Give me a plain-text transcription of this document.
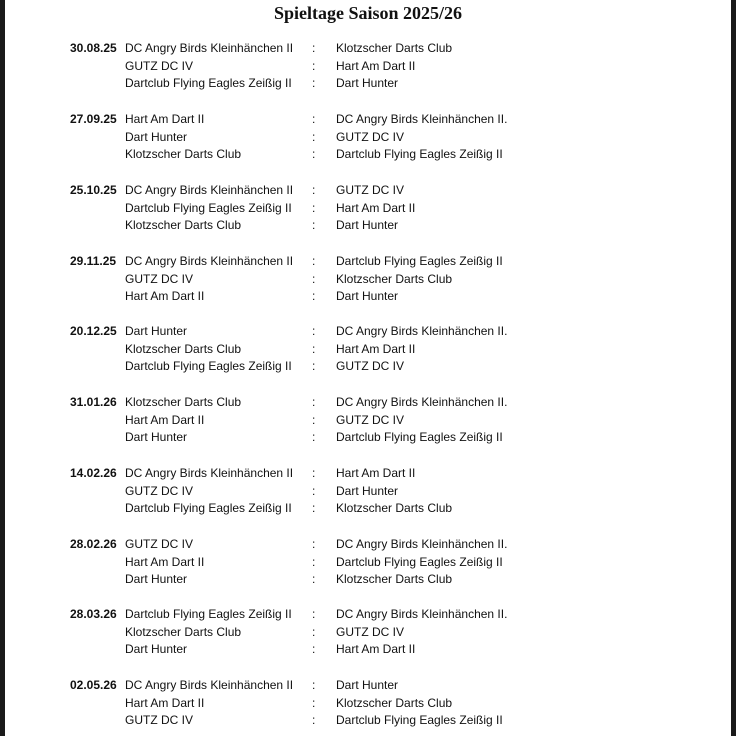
Spieltage Saison 2025/26
30.08.25 DC Angry Birds Kleinhänchen II : Klotzscher Darts Club
GUTZ DC IV	: Hart Am Dart II
Dartclub Flying Eagles Zeißig II : Dart Hunter
27.09.25 Hart Am Dart II	: DC Angry Birds Kleinhänchen II.
Dart Hunter	: GUTZ DC IV
Klotzscher Darts Club	: Dartclub Flying Eagles Zeißig II
25.10.25 DC Angry Birds Kleinhänchen II : GUTZ DC IV
Dartclub Flying Eagles Zeißig II : Hart Am Dart II
Klotzscher Darts Club	: Dart Hunter
29.11.25 DC Angry Birds Kleinhänchen II : Dartclub Flying Eagles Zeißig II
GUTZ DC IV	: Klotzscher Darts Club
Hart Am Dart II	: Dart Hunter
20.12.25 Dart Hunter	: DC Angry Birds Kleinhänchen II.
Klotzscher Darts Club	: Hart Am Dart II
Dartclub Flying Eagles Zeißig II : GUTZ DC IV
31.01.26 Klotzscher Darts Club	: DC Angry Birds Kleinhänchen II.
Hart Am Dart II	: GUTZ DC IV
Dart Hunter	: Dartclub Flying Eagles Zeißig II
14.02.26 DC Angry Birds Kleinhänchen II : Hart Am Dart II
GUTZ DC IV	: Dart Hunter
Dartclub Flying Eagles Zeißig II : Klotzscher Darts Club
28.02.26 GUTZ DC IV	: DC Angry Birds Kleinhänchen II.
Hart Am Dart II	: Dartclub Flying Eagles Zeißig II
Dart Hunter	: Klotzscher Darts Club
28.03.26 Dartclub Flying Eagles Zeißig II : DC Angry Birds Kleinhänchen II.
Klotzscher Darts Club	: GUTZ DC IV
Dart Hunter	: Hart Am Dart II
02.05.26 DC Angry Birds Kleinhänchen II : Dart Hunter
Hart Am Dart II	: Klotzscher Darts Club
GUTZ DC IV	: Dartclub Flying Eagles Zeißig II
